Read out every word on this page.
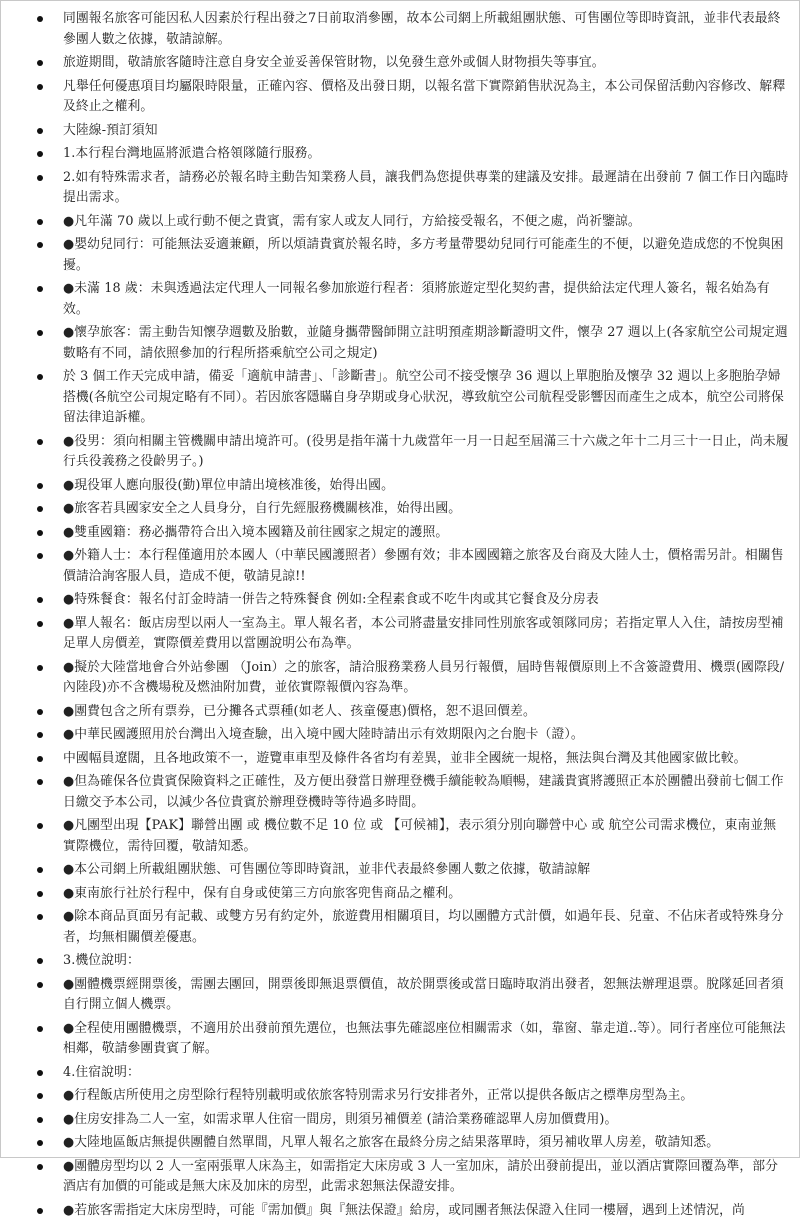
同團報名旅客可能因私人因素於行程出發之7日前取消參團，故本公司網上所載組團狀態、可售團位等即時資訊，並非代表最終參團人數之依據，敬請諒解。
旅遊期間，敬請旅客隨時注意自身安全並妥善保管財物，以免發生意外或個人財物損失等事宜。
凡舉任何優惠項目均屬限時限量，正確內容、價格及出發日期，以報名當下實際銷售狀況為主，本公司保留活動內容修改、解釋及終止之權利。
大陸線-預訂須知
1.本行程台灣地區將派遣合格領隊隨行服務。
2.如有特殊需求者，請務必於報名時主動告知業務人員，讓我們為您提供專業的建議及安排。最遲請在出發前 7 個工作日內臨時提出需求。
●凡年滿 70 歲以上或行動不便之貴賓，需有家人或友人同行，方給接受報名，不便之處，尚祈鑒諒。
●嬰幼兒同行：可能無法妥適兼顧，所以煩請貴賓於報名時，多方考量帶嬰幼兒同行可能產生的不便，以避免造成您的不悅與困擾。
●未滿 18 歲：未與透過法定代理人一同報名參加旅遊行程者：須將旅遊定型化契約書，提供給法定代理人簽名，報名始為有效。
●懷孕旅客：需主動告知懷孕週數及胎數，並隨身攜帶醫師開立註明預產期診斷證明文件，懷孕 27 週以上(各家航空公司規定週數略有不同，請依照參加的行程所搭乘航空公司之規定)
於 3 個工作天完成申請，備妥「適航申請書」、「診斷書」。航空公司不接受懷孕 36 週以上單胞胎及懷孕 32 週以上多胞胎孕婦搭機(各航空公司規定略有不同）。若因旅客隱瞞自身孕期或身心狀況，導致航空公司航程受影響因而產生之成本，航空公司將保留法律追訴權。
●役男：須向相關主管機關申請出境許可。(役男是指年滿十九歲當年一月一日起至屆滿三十六歲之年十二月三十一日止，尚未履行兵役義務之役齡男子。)
●現役軍人應向服役(勤)單位申請出境核准後，始得出國。
●旅客若具國家安全之人員身分，自行先經服務機關核准，始得出國。
●雙重國籍：務必攜帶符合出入境本國籍及前往國家之規定的護照。
●外籍人士：本行程僅適用於本國人（中華民國護照者）參團有效；非本國國籍之旅客及台商及大陸人士，價格需另計。相關售價請洽詢客服人員，造成不便，敬請見諒!!
●特殊餐食：報名付訂金時請一併告之特殊餐食 例如:全程素食或不吃牛肉或其它餐食及分房表
●單人報名：飯店房型以兩人一室為主。單人報名者，本公司將盡量安排同性別旅客或領隊同房；若指定單人入住，請按房型補足單人房價差，實際價差費用以當團說明公布為準。
●擬於大陸當地會合外站參團 （Join）之的旅客，請洽服務業務人員另行報價，屆時售報價原則上不含簽證費用、機票(國際段/內陸段)亦不含機場稅及燃油附加費，並依實際報價內容為準。
●團費包含之所有票券，已分攤各式票種(如老人、孩童優惠)價格，恕不退回價差。
●中華民國護照用於台灣出入境查驗，出入境中國大陸時請出示有效期限內之台胞卡（證）。
中國幅員遼闊，且各地政策不一，遊覽車車型及條件各省均有差異，並非全國統一規格，無法與台灣及其他國家做比較。
●但為確保各位貴賓保險資料之正確性，及方便出發當日辦理登機手續能較為順暢，建議貴賓將護照正本於團體出發前七個工作日繳交予本公司，以減少各位貴賓於辦理登機時等待過多時間。
●凡團型出現【PAK】聯營出團 或 機位數不足 10 位 或 【可候補】，表示須分別向聯營中心 或 航空公司需求機位，東南並無實際機位，需待回覆，敬請知悉。
●本公司網上所載組團狀態、可售團位等即時資訊，並非代表最終參團人數之依據，敬請諒解
●東南旅行社於行程中，保有自身或使第三方向旅客兜售商品之權利。
●除本商品頁面另有記載、或雙方另有約定外，旅遊費用相關項目，均以團體方式計價，如過年長、兒童、不佔床者或特殊身分者，均無相關價差優惠。
3.機位說明：
●團體機票經開票後，需團去團回，開票後即無退票價值，故於開票後或當日臨時取消出發者，恕無法辦理退票。脫隊延回者須自行開立個人機票。
●全程使用團體機票，不適用於出發前預先選位，也無法事先確認座位相關需求（如，靠窗、靠走道..等）。同行者座位可能無法相鄰，敬請參團貴賓了解。
4.住宿說明：
●行程飯店所使用之房型除行程特別載明或依旅客特別需求另行安排者外，正常以提供各飯店之標準房型為主。
●住房安排為二人一室，如需求單人住宿一間房，則須另補價差 (請洽業務確認單人房加價費用)。
●大陸地區飯店無提供團體自然單間，凡單人報名之旅客在最終分房之結果落單時，須另補收單人房差，敬請知悉。
●團體房型均以 2 人一室兩張單人床為主，如需指定大床房或 3 人一室加床，請於出發前提出，並以酒店實際回覆為準，部分酒店有加價的可能或是無大床及加床的房型，此需求恕無法保證安排。
●若旅客需指定大床房型時，可能『需加價』與『無法保證』給房，或同團者無法保證入住同一樓層，遇到上述情況，尚
